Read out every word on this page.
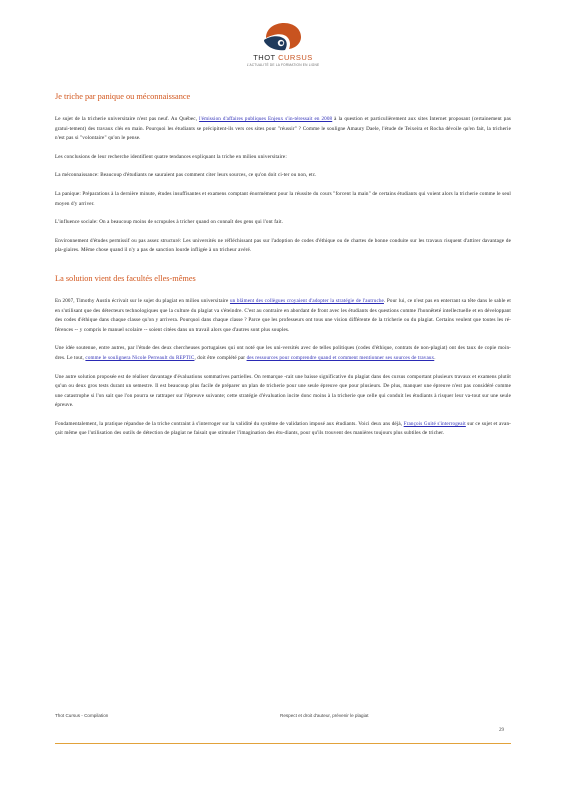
THOT CURSUS
L'ACTUALITÉ DE LA FORMATION EN LIGNE
Je triche par panique ou méconnaissance

Le sujet de la tricherie universitaire n'est pas neuf. Au Québec, l'émission d'affaires publiques Enjeux s'in-téressait en 2008 à la question et particulièrement aux sites Internet proposant (certainement pas gratui-tement) des travaux clés en main. Pourquoi les étudiants se précipitent-ils vers ces sites pour "réussir" ? Comme le souligne Amaury Daele, l'étude de Teixeira et Rocha dévoile qu'en fait, la tricherie n'est pas si "volontaire" qu'on le pense.

Les conclusions de leur recherche identifient quatre tendances expliquant la triche en milieu universitaire:

La méconnaissance: Beaucoup d'étudiants ne sauraient pas comment citer leurs sources, ce qu'on doit ci-ter ou non, etc.

La panique: Préparations à la dernière minute, études insuffisantes et examens comptant énormément pour la réussite du cours "forcent la main" de certains étudiants qui voient alors la tricherie comme le seul moyen d'y arriver.

L'influence sociale: On a beaucoup moins de scrupules à tricher quand on connaît des gens qui l'ont fait.

Environnement d'études permissif ou pas assez structuré: Les universités ne réfléchissant pas sur l'adoption de codes d'éthique ou de chartes de bonne conduite sur les travaux risquent d'attirer davantage de pla-giaires. Même chose quand il n'y a pas de sanction lourde infligée à un tricheur avéré.

La solution vient des facultés elles-mêmes

En 2007, Timothy Austin écrivait sur le sujet du plagiat en milieu universitaire un blâment des collègues croyaient d'adopter la stratégie de l'autruche. Pour lui, ce n'est pas en enterrant sa tête dans le sable et en s'utilisant que des détecteurs technologiques que la culture du plagiat va s'éteindre. C'est au contraire en abordant de front avec les étudiants des questions comme l'honnêteté intellectuelle et en développant des codes d'éthique dans chaque classe qu'on y arrivera. Pourquoi dans chaque classe ? Parce que les professeurs ont tous une vision différente de la tricherie ou du plagiat. Certains veulent que toutes les ré-férences -- y compris le manuel scolaire -- soient citées dans un travail alors que d'autres sont plus souples.

Une idée soutenue, entre autres, par l'étude des deux chercheuses portugaises qui ont noté que les uni-versités avec de telles politiques (codes d'éthique, contrats de non-plagiat) ont des taux de copie moin-dres. Le tout, comme le soulignera Nicole Perreault du REPTIC, doit être complété par des ressources pour comprendre quand et comment mentionner ses sources de travaux.

Une autre solution proposée est de réaliser davantage d'évaluations sommatives partielles. On remarque -rait une baisse significative du plagiat dans des cursus comportant plusieurs travaux et examens plutôt qu'un ou deux gros tests durant un semestre. Il est beaucoup plus facile de préparer un plan de tricherie pour une seule épreuve que pour plusieurs. De plus, manquer une épreuve n'est pas considéré comme une catastrophe si l'on sait que l'on pourra se rattraper sur l'épreuve suivante; cette stratégie d'évaluation incite donc moins à la tricherie que celle qui conduit les étudiants à risquer leur va-tout sur une seule épreuve.

Fondamentalement, la pratique répandue de la triche contraint à s'interroger sur la validité du système de validation imposé aux étudiants. Voici deux ans déjà, François Guité s'interrogeait sur ce sujet et avan-çait même que l'utilisation des outils de détection de plagiat ne faisait que stimuler l'imagination des étu-diants, pour qu'ils trouvent des manières toujours plus subtiles de tricher.

Thot Cursus - Compilation	Respect et droit d'auteur, prévenir le plagiat
29
